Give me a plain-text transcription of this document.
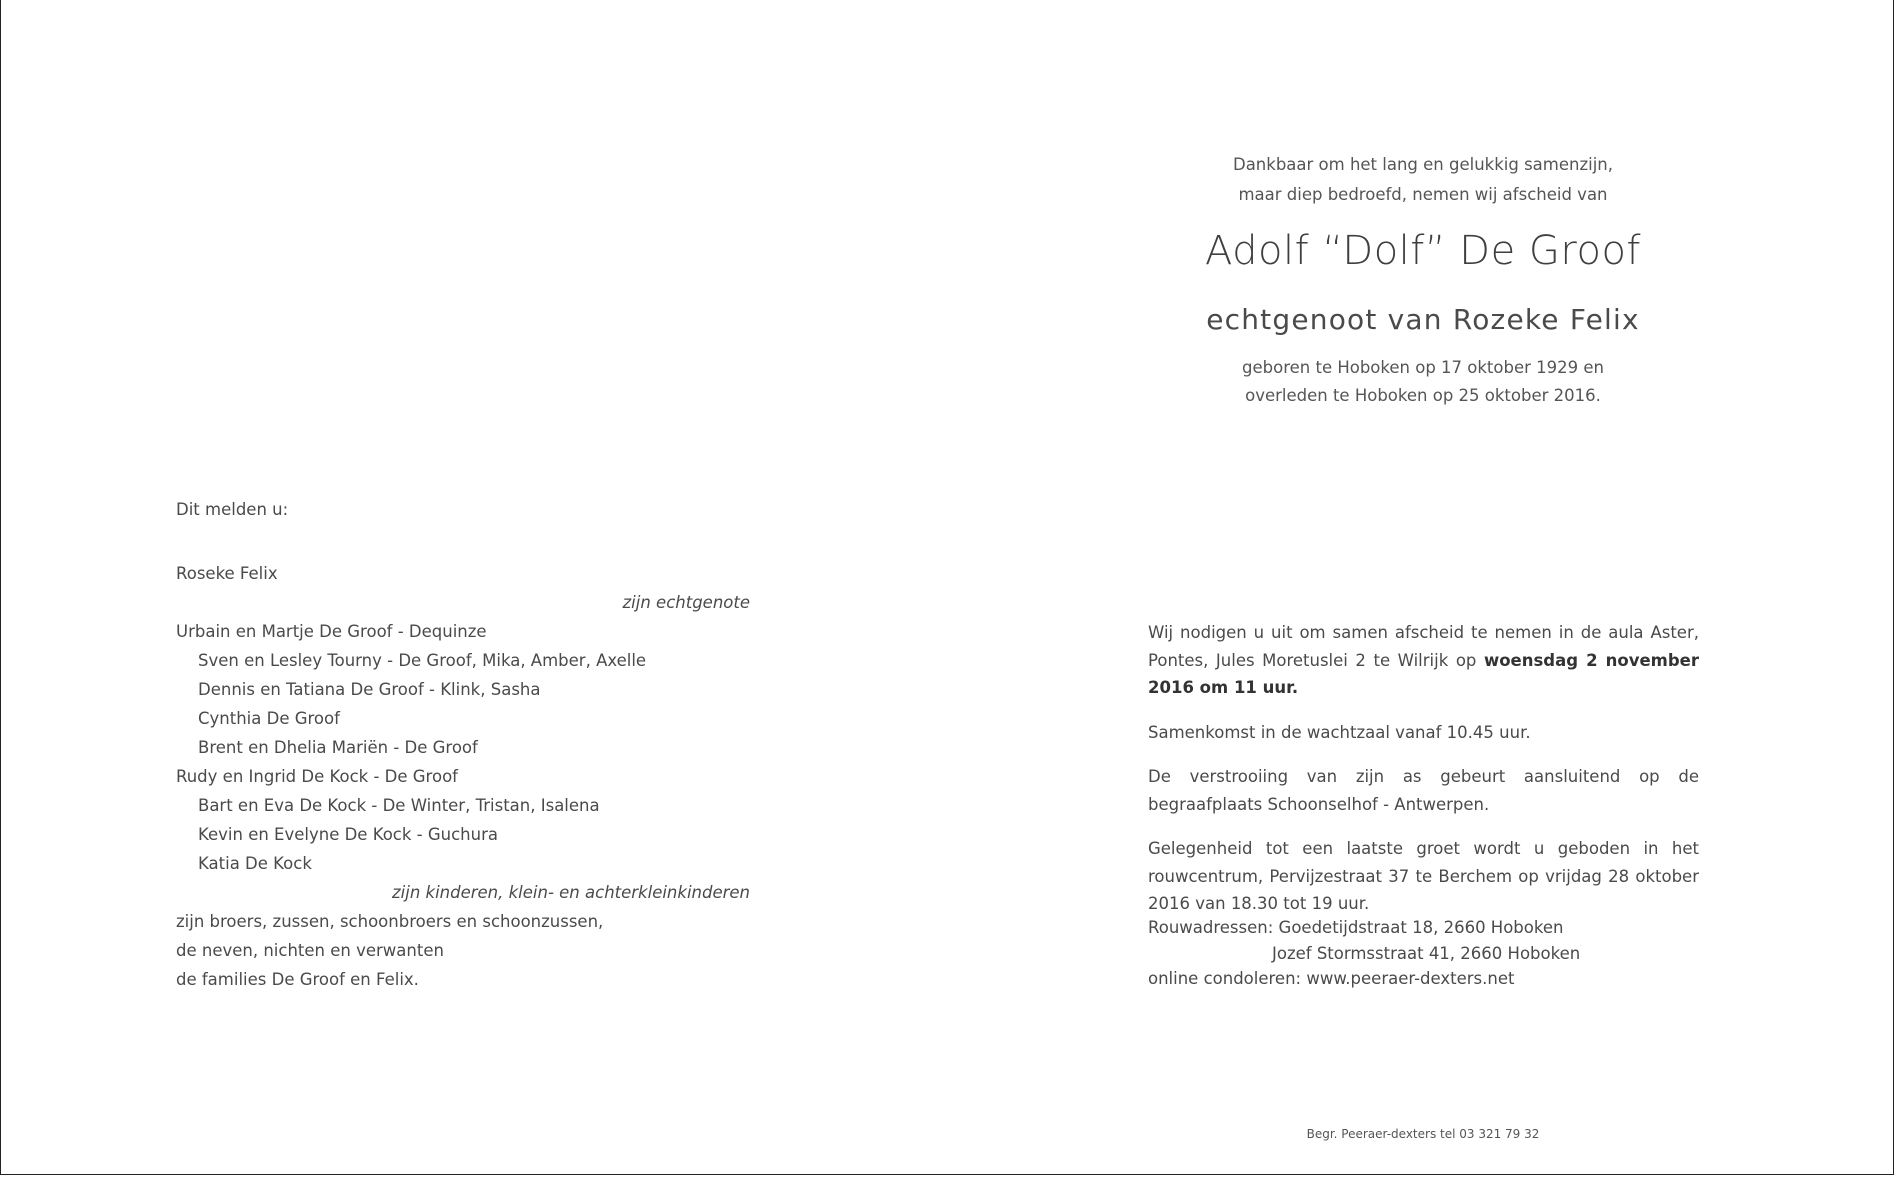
Dankbaar om het lang en gelukkig samenzijn,
maar diep bedroefd, nemen wij afscheid van
Adolf “Dolf” De Groof
echtgenoot van Rozeke Felix
geboren te Hoboken op 17 oktober 1929 en
overleden te Hoboken op 25 oktober 2016.
Dit melden u:
Roseke Felix
zijn echtgenote
Urbain en Martje De Groof - Dequinze
Sven en Lesley Tourny - De Groof, Mika, Amber, Axelle
Dennis en Tatiana De Groof - Klink, Sasha
Cynthia De Groof
Brent en Dhelia Mariën - De Groof
Rudy en Ingrid De Kock - De Groof
Bart en Eva De Kock - De Winter, Tristan, Isalena
Kevin en Evelyne De Kock - Guchura
Katia De Kock
zijn kinderen, klein- en achterkleinkinderen
zijn broers, zussen, schoonbroers en schoonzussen,
de neven, nichten en verwanten
de families De Groof en Felix.

Wij nodigen u uit om samen afscheid te nemen in de aula Aster, Pontes, Jules Moretuslei 2 te Wilrijk op woensdag 2 november 2016 om 11 uur.

Samenkomst in de wachtzaal vanaf 10.45 uur.

De verstrooiing van zijn as gebeurt aansluitend op de begraafplaats Schoonselhof - Antwerpen.

Gelegenheid tot een laatste groet wordt u geboden in het rouwcentrum, Pervijzestraat 37 te Berchem op vrijdag 28 oktober 2016 van 18.30 tot 19 uur.

Rouwadressen: Goedetijdstraat 18, 2660 Hoboken
Jozef Stormsstraat 41, 2660 Hoboken
online condoleren: www.peeraer-dexters.net
Begr. Peeraer-dexters tel 03 321 79 32
